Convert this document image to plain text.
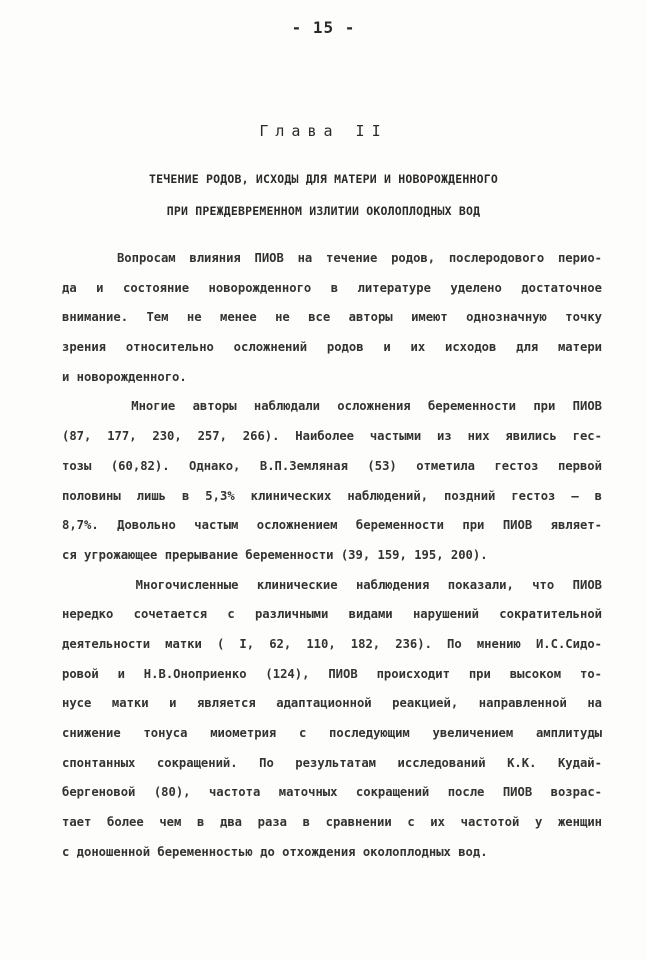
- 15 -
Глава II
ТЕЧЕНИЕ РОДОВ, ИСХОДЫ ДЛЯ МАТЕРИ И НОВОРОЖДЕННОГО
ПРИ ПРЕЖДЕВРЕМЕННОМ ИЗЛИТИИ ОКОЛОПЛОДНЫХ ВОД
Вопросам влияния ПИОВ на течение родов, послеродового перио-
да и состояние новорожденного в литературе уделено достаточное
внимание. Тем не менее не все авторы имеют однозначную точку
зрения относительно осложнений родов и их исходов для матери
и новорожденного.
Многие авторы наблюдали осложнения беременности при ПИОВ
(87, 177, 230, 257, 266). Наиболее частыми из них явились гес-
тозы (60,82). Однако, В.П.Земляная (53) отметила гестоз первой
половины лишь в 5,3% клинических наблюдений, поздний гестоз – в
8,7%. Довольно частым осложнением беременности при ПИОВ являет-
ся угрожающее прерывание беременности (39, 159, 195, 200).
Многочисленные клинические наблюдения показали, что ПИОВ
нередко сочетается с различными видами нарушений сократительной
деятельности матки ( I, 62, 110, 182, 236). По мнению И.С.Сидо-
ровой и Н.В.Оноприенко (124), ПИОВ происходит при высоком то-
нусе матки и является адаптационной реакцией, направленной на
снижение тонуса миометрия с последующим увеличением амплитуды
спонтанных сокращений. По результатам исследований К.К. Кудай-
бергеновой (80), частота маточных сокращений после ПИОВ возрас-
тает более чем в два раза в сравнении с их частотой у женщин
с доношенной беременностью до отхождения околоплодных вод.
